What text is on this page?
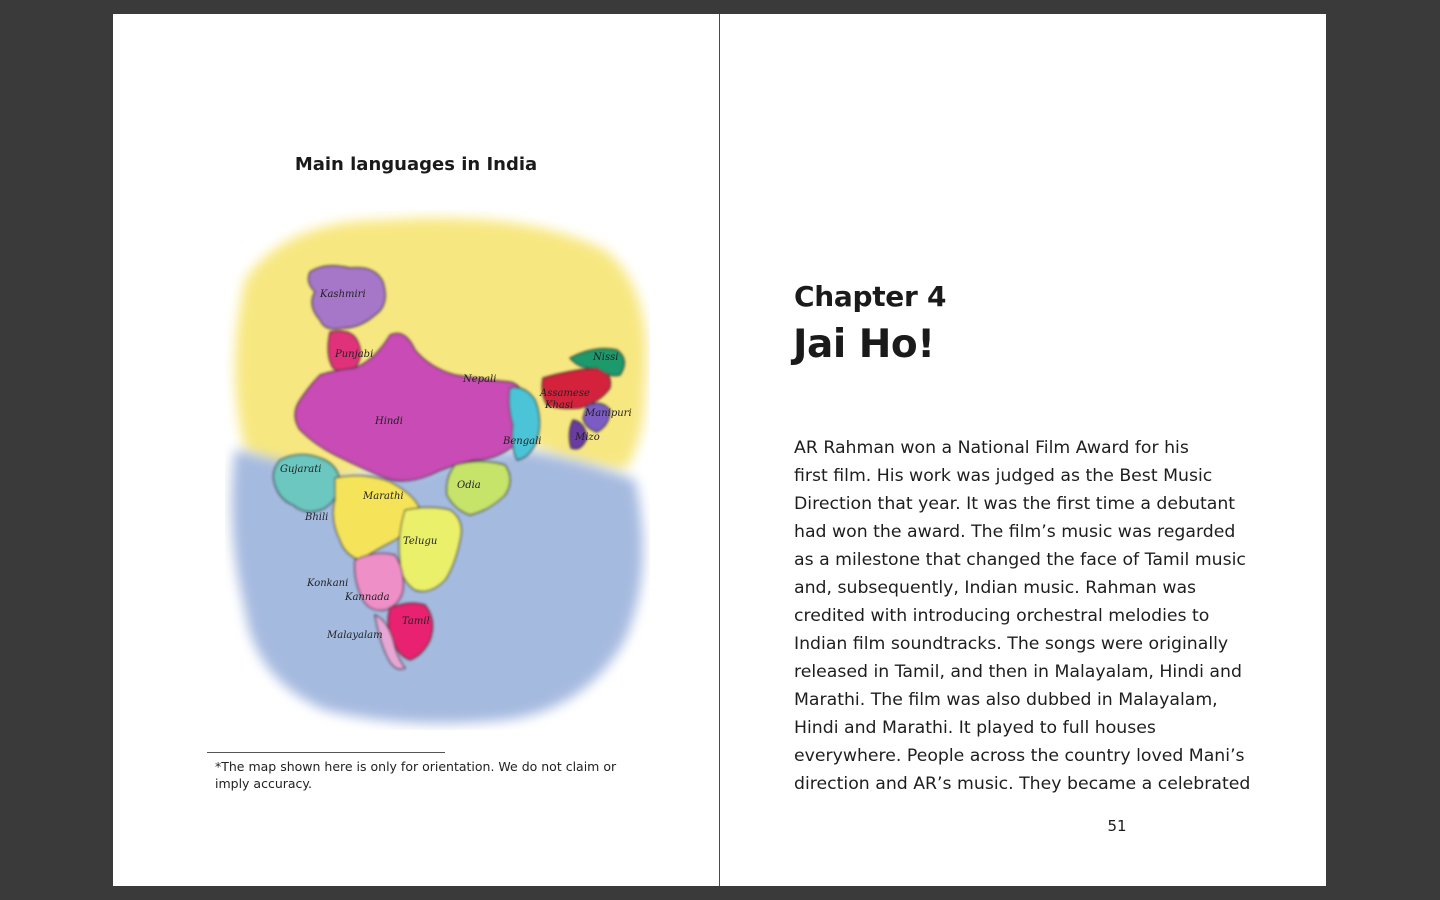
Main languages in India
Kashmiri
Punjabi
Hindi
Nepali
Nissi
Assamese
Khasi
Manipuri
Mizo
Bengali
Gujarati
Bhili
Marathi
Odia
Telugu
Konkani
Kannada
Malayalam
Tamil
*The map shown here is only for orientation. We do not claim or imply accuracy.
Chapter 4
Jai Ho!
AR Rahman won a National Film Award for his
first film. His work was judged as the Best Music
Direction that year. It was the first time a debutant
had won the award. The film’s music was regarded
as a milestone that changed the face of Tamil music
and, subsequently, Indian music. Rahman was
credited with introducing orchestral melodies to
Indian film soundtracks. The songs were originally
released in Tamil, and then in Malayalam, Hindi and
Marathi. The film was also dubbed in Malayalam,
Hindi and Marathi. It played to full houses
everywhere. People across the country loved Mani’s
direction and AR’s music. They became a celebrated
51
